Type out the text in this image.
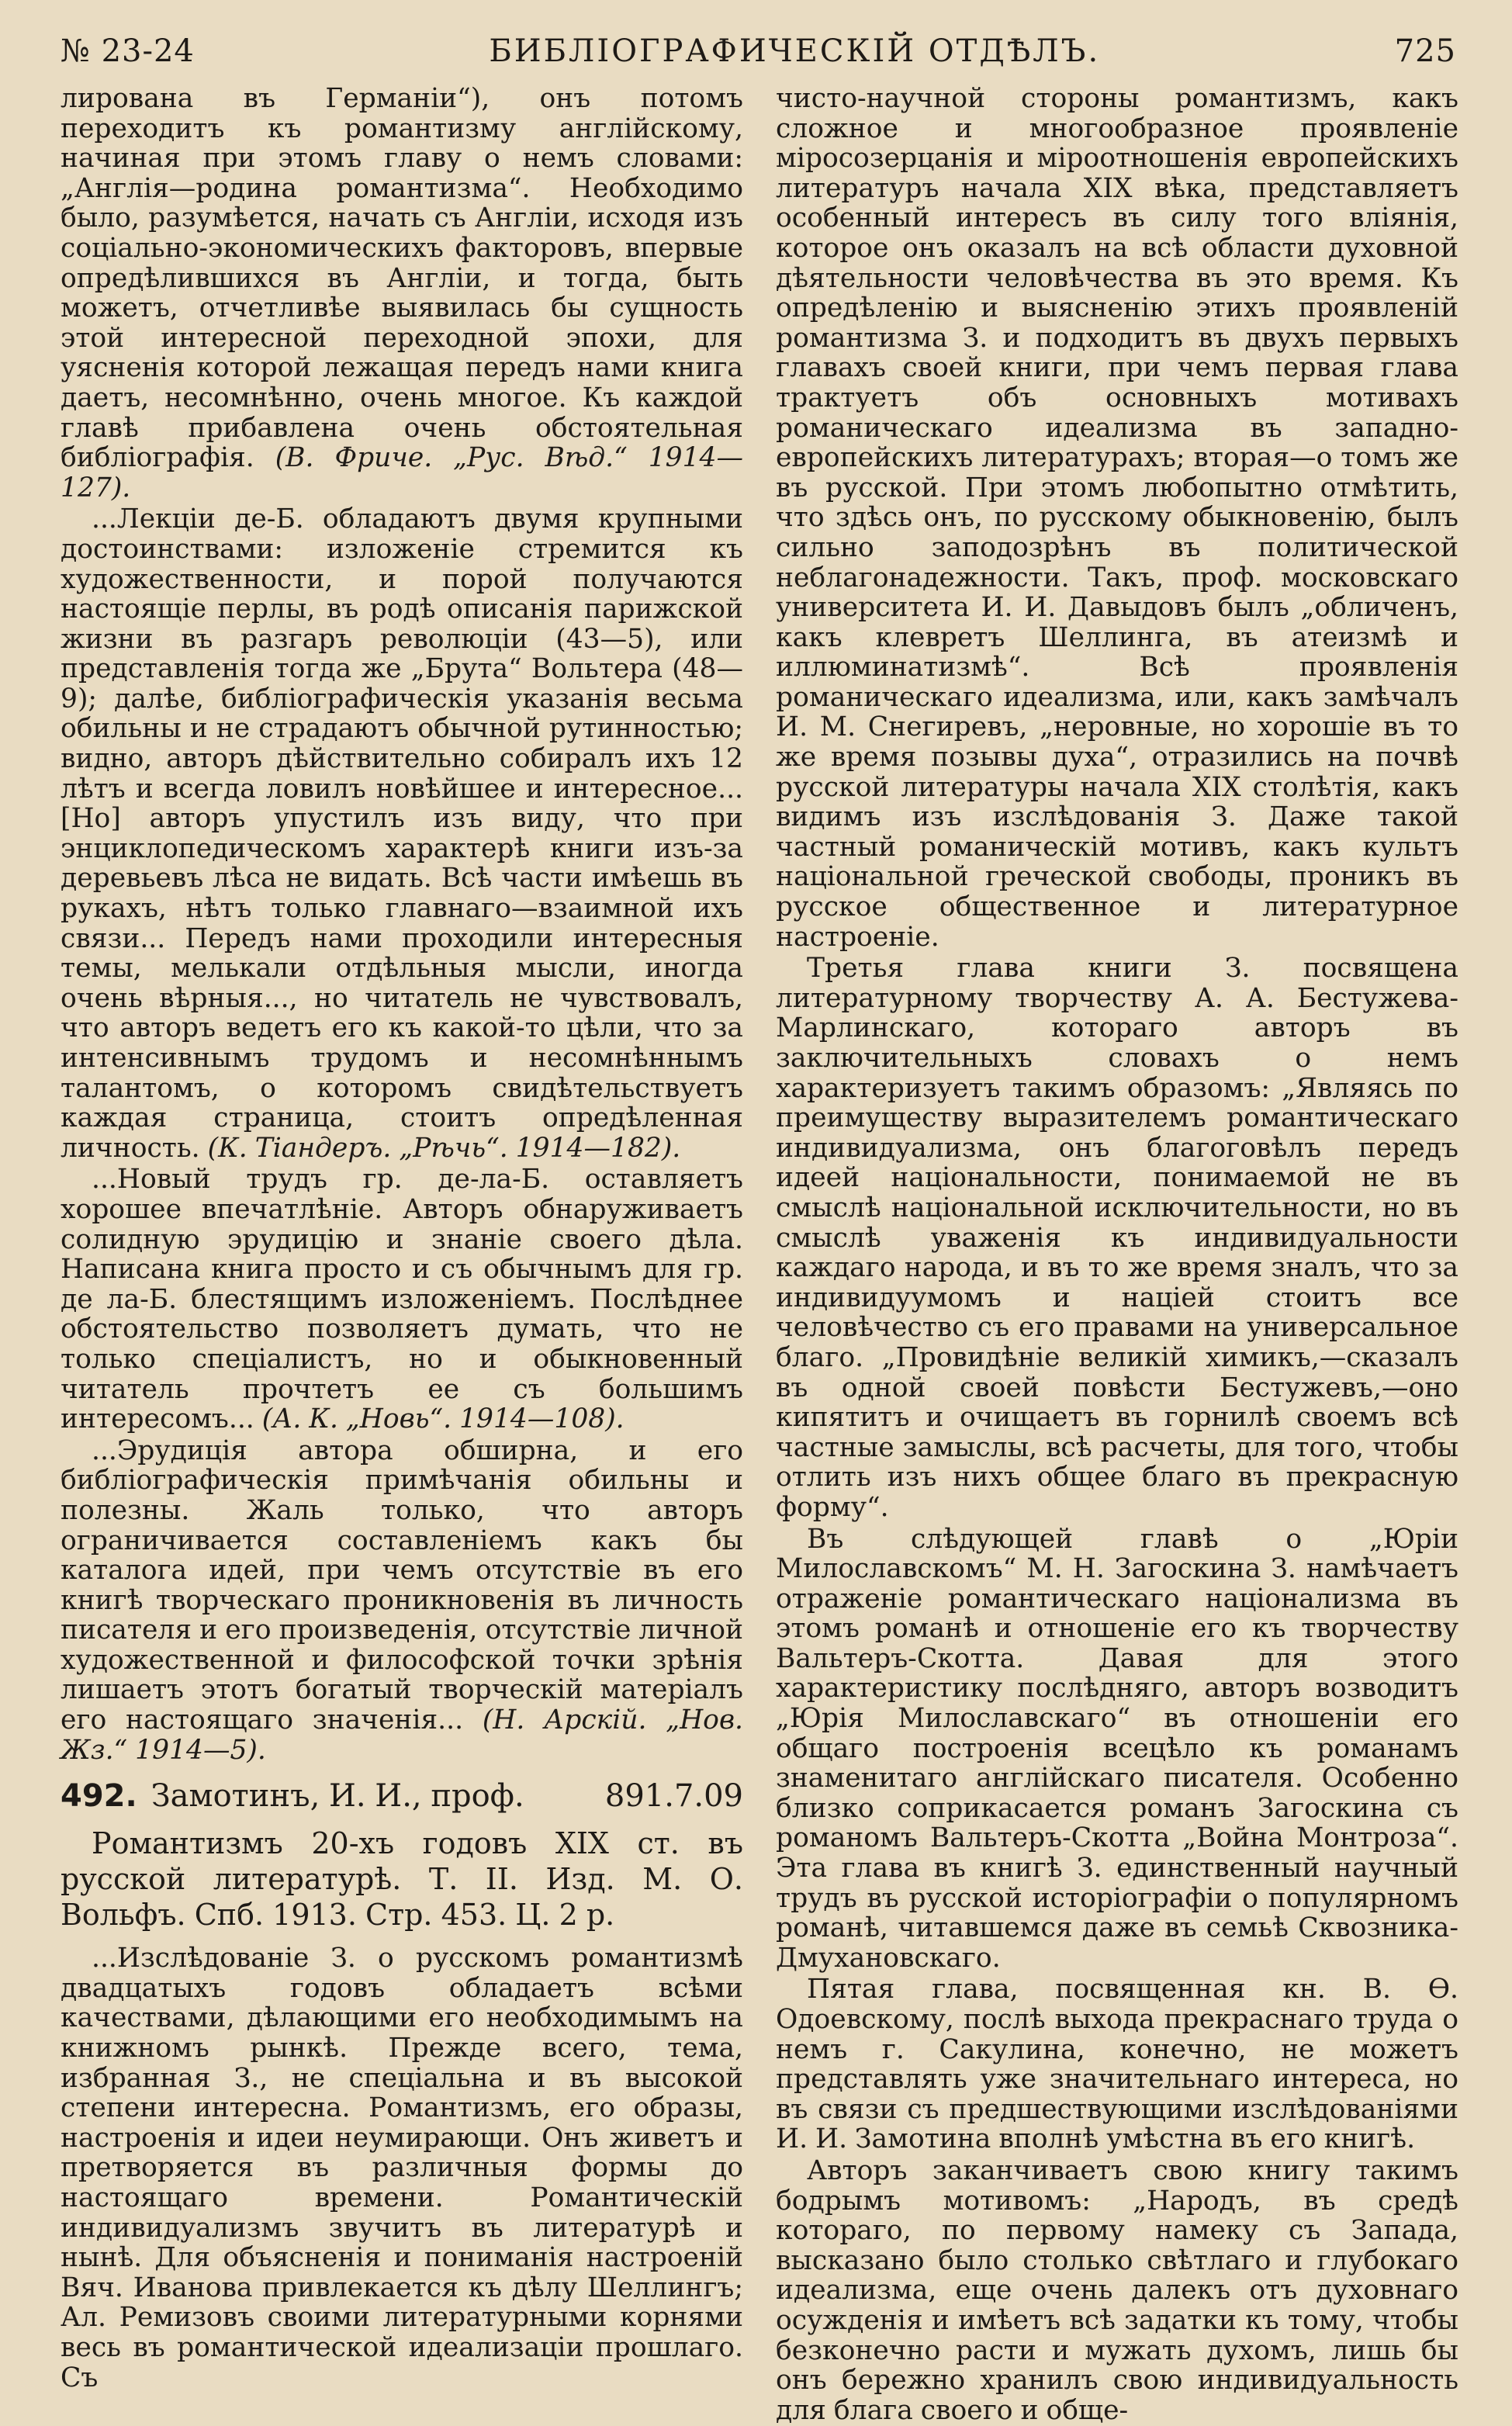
№ 23-24	БИБЛІОГРАФИЧЕСКІЙ ОТДѢЛЪ.	725

лирована въ Германіи“), онъ потомъ переходитъ къ романтизму англійскому, начиная при этомъ главу о немъ словами: „Англія—родина романтизма“. Необходимо было, разумѣется, начать съ Англіи, исходя изъ соціально-экономическихъ факторовъ, впервые опредѣлившихся въ Англіи, и тогда, быть можетъ, отчетливѣе выявилась бы сущность этой интересной переходной эпохи, для уясненія которой лежащая передъ нами книга даетъ, несомнѣнно, очень многое. Къ каждой главѣ прибавлена очень обстоятельная библіографія. (В. Фриче. „Рус. Вѣд.“ 1914—127).

...Лекціи де-Б. обладаютъ двумя крупными достоинствами: изложеніе стремится къ художественности, и порой получаются настоящіе перлы, въ родѣ описанія парижской жизни въ разгаръ революціи (43—5), или представленія тогда же „Брута“ Вольтера (48—9); далѣе, библіографическія указанія весьма обильны и не страдаютъ обычной рутинностью; видно, авторъ дѣйствительно собиралъ ихъ 12 лѣтъ и всегда ловилъ новѣйшее и интересное... [Но] авторъ упустилъ изъ виду, что при энциклопедическомъ характерѣ книги изъ-за деревьевъ лѣса не видать. Всѣ части имѣешь въ рукахъ, нѣтъ только главнаго—взаимной ихъ связи... Передъ нами проходили интересныя темы, мелькали отдѣльныя мысли, иногда очень вѣрныя..., но читатель не чувствовалъ, что авторъ ведетъ его къ какой-то цѣли, что за интенсивнымъ трудомъ и несомнѣннымъ талантомъ, о которомъ свидѣтельствуетъ каждая страница, стоитъ опредѣленная личность. (К. Тіандеръ. „Рѣчь“. 1914—182).

...Новый трудъ гр. де-ла-Б. оставляетъ хорошее впечатлѣніе. Авторъ обнаруживаетъ солидную эрудицію и знаніе своего дѣла. Написана книга просто и съ обычнымъ для гр. де ла-Б. блестящимъ изложеніемъ. Послѣднее обстоятельство позволяетъ думать, что не только спеціалистъ, но и обыкновенный читатель прочтетъ ее съ большимъ интересомъ... (А. К. „Новь“. 1914—108).

...Эрудиція автора обширна, и его библіографическія примѣчанія обильны и полезны. Жаль только, что авторъ ограничивается составленіемъ какъ бы каталога идей, при чемъ отсутствіе въ его книгѣ творческаго проникновенія въ личность писателя и его произведенія, отсутствіе личной художественной и философской точки зрѣнія лишаетъ этотъ богатый творческій матеріалъ его настоящаго значенія... (Н. Арскій. „Нов. Жз.“ 1914—5).

492. Замотинъ, И. И., проф.	891.7.09
Романтизмъ 20-хъ годовъ XIX ст. въ русской литературѣ. Т. II. Изд. М. О. Вольфъ. Спб. 1913. Стр. 453. Ц. 2 р.

...Изслѣдованіе З. о русскомъ романтизмѣ двадцатыхъ годовъ обладаетъ всѣми качествами, дѣлающими его необходимымъ на книжномъ рынкѣ. Прежде всего, тема, избранная З., не спеціальна и въ высокой степени интересна. Романтизмъ, его образы, настроенія и идеи неумирающи. Онъ живетъ и претворяется въ различныя формы до настоящаго времени. Романтическій индивидуализмъ звучитъ въ литературѣ и нынѣ. Для объясненія и пониманія настроеній Вяч. Иванова привлекается къ дѣлу Шеллингъ; Ал. Ремизовъ своими литературными корнями весь въ романтической идеализаціи прошлаго. Съ

чисто-научной стороны романтизмъ, какъ сложное и многообразное проявленіе міросозерцанія и міроотношенія европейскихъ литературъ начала XIX вѣка, представляетъ особенный интересъ въ силу того вліянія, которое онъ оказалъ на всѣ области духовной дѣятельности человѣчества въ это время. Къ опредѣленію и выясненію этихъ проявленій романтизма З. и подходитъ въ двухъ первыхъ главахъ своей книги, при чемъ первая глава трактуетъ объ основныхъ мотивахъ романическаго идеализма въ западно-европейскихъ литературахъ; вторая—о томъ же въ русской. При этомъ любопытно отмѣтить, что здѣсь онъ, по русскому обыкновенію, былъ сильно заподозрѣнъ въ политической неблагонадежности. Такъ, проф. московскаго университета И. И. Давыдовъ былъ „обличенъ, какъ клевретъ Шеллинга, въ атеизмѣ и иллюминатизмѣ“. Всѣ проявленія романическаго идеализма, или, какъ замѣчалъ И. М. Снегиревъ, „неровные, но хорошіе въ то же время позывы духа“, отразились на почвѣ русской литературы начала XIX столѣтія, какъ видимъ изъ изслѣдованія З. Даже такой частный романическій мотивъ, какъ культъ національной греческой свободы, проникъ въ русское общественное и литературное настроеніе.

Третья глава книги З. посвящена литературному творчеству А. А. Бестужева-Марлинскаго, котораго авторъ въ заключительныхъ словахъ о немъ характеризуетъ такимъ образомъ: „Являясь по преимуществу выразителемъ романтическаго индивидуализма, онъ благоговѣлъ передъ идеей національности, понимаемой не въ смыслѣ національной исключительности, но въ смыслѣ уваженія къ индивидуальности каждаго народа, и въ то же время зналъ, что за индивидуумомъ и націей стоитъ все человѣчество съ его правами на универсальное благо. „Провидѣніе великій химикъ,—сказалъ въ одной своей повѣсти Бестужевъ,—оно кипятитъ и очищаетъ въ горнилѣ своемъ всѣ частные замыслы, всѣ расчеты, для того, чтобы отлить изъ нихъ общее благо въ прекрасную форму“.

Въ слѣдующей главѣ о „Юріи Милославскомъ“ М. Н. Загоскина З. намѣчаетъ отраженіе романтическаго націонализма въ этомъ романѣ и отношеніе его къ творчеству Вальтеръ-Скотта. Давая для этого характеристику послѣдняго, авторъ возводитъ „Юрія Милославскаго“ въ отношеніи его общаго построенія всецѣло къ романамъ знаменитаго англійскаго писателя. Особенно близко соприкасается романъ Загоскина съ романомъ Вальтеръ-Скотта „Война Монтроза“. Эта глава въ книгѣ З. единственный научный трудъ въ русской исторіографіи о популярномъ романѣ, читавшемся даже въ семьѣ Сквозника-Дмухановскаго.

Пятая глава, посвященная кн. В. Ѳ. Одоевскому, послѣ выхода прекраснаго труда о немъ г. Сакулина, конечно, не можетъ представлять уже значительнаго интереса, но въ связи съ предшествующими изслѣдованіями И. И. Замотина вполнѣ умѣстна въ его книгѣ.

Авторъ заканчиваетъ свою книгу такимъ бодрымъ мотивомъ: „Народъ, въ средѣ котораго, по первому намеку съ Запада, высказано было столько свѣтлаго и глубокаго идеализма, еще очень далекъ отъ духовнаго осужденія и имѣетъ всѣ задатки къ тому, чтобы безконечно расти и мужать духомъ, лишь бы онъ бережно хранилъ свою индивидуальность для блага своего и обще-
